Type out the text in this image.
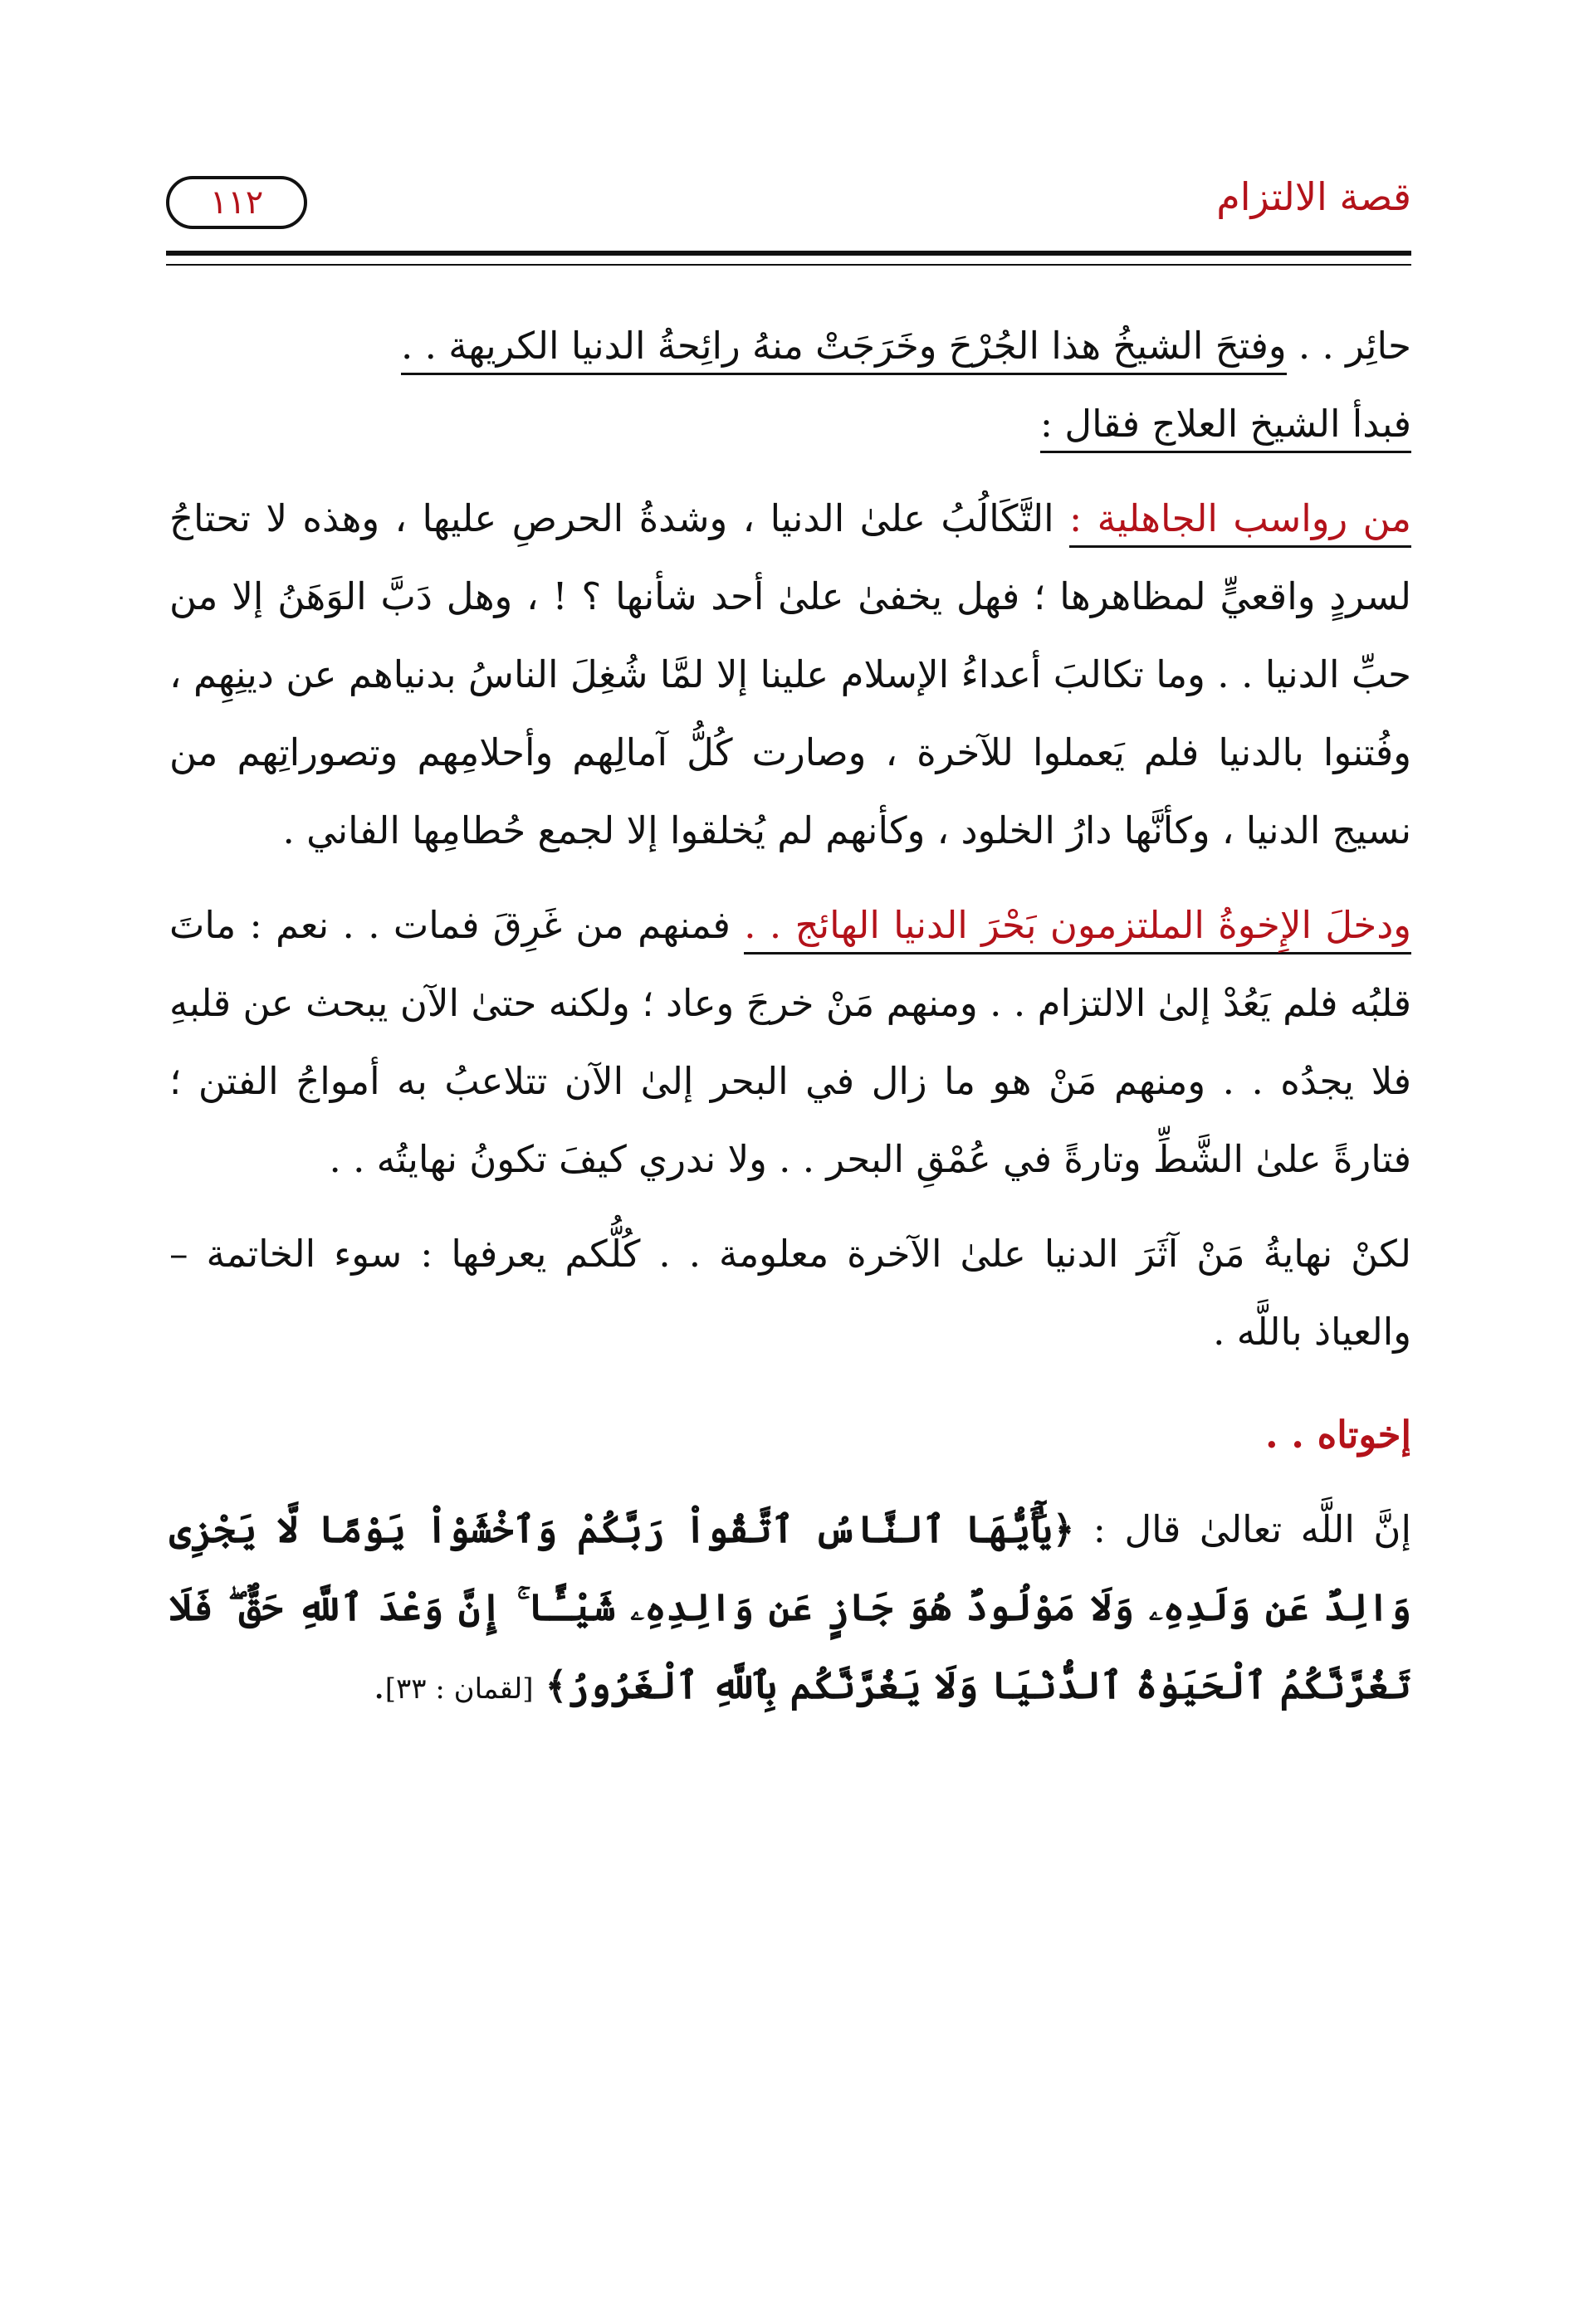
قصة الالتزام
١١٢

حائِر . . وفتحَ الشيخُ هذا الجُرْحَ وخَرَجَتْ منهُ رائِحةُ الدنيا الكريهة . .

فبدأ الشيخ العلاج فقال :

من رواسب الجاهلية : التَّكَالُبُ علىٰ الدنيا ، وشدةُ الحرصِ عليها ، وهذه لا تحتاجُ لسردٍ واقعيٍّ لمظاهرها ؛ فهل يخفىٰ علىٰ أحد شأنها ؟ ! ، وهل دَبَّ الوَهَنُ إلا من حبِّ الدنيا . . وما تكالبَ أعداءُ الإسلام علينا إلا لمَّا شُغِلَ الناسُ بدنياهم عن دينِهِم ، وفُتنوا بالدنيا فلم يَعملوا للآخرة ، وصارت كُلُّ آمالِهم وأحلامِهم وتصوراتِهم من نسيج الدنيا ، وكأنَّها دارُ الخلود ، وكأنهم لم يُخلقوا إلا لجمع حُطامِها الفاني .

ودخلَ الإِخوةُ الملتزمون بَحْرَ الدنيا الهائج . . فمنهم من غَرِقَ فمات . . نعم : ماتَ قلبُه فلم يَعُدْ إلىٰ الالتزام . . ومنهم مَنْ خرجَ وعاد ؛ ولكنه حتىٰ الآن يبحث عن قلبهِ فلا يجدُه . . ومنهم مَنْ هو ما زال في البحر إلىٰ الآن تتلاعبُ به أمواجُ الفتن ؛ فتارةً علىٰ الشَّطِّ وتارةً في عُمْقِ البحر . . ولا ندري كيفَ تكونُ نهايتُه . .

لكنْ نهايةُ مَنْ آثَرَ الدنيا علىٰ الآخرة معلومة . . كُلُّكم يعرفها : سوء الخاتمة – والعياذ باللَّه .

إخوتاه . .

إنَّ اللَّه تعالىٰ قال : ﴿يَٰٓأَيُّهَا ٱلنَّاسُ ٱتَّقُواْ رَبَّكُمْ وَٱخْشَوْاْ يَوْمًا لَّا يَجْزِى وَالِدٌ عَن وَلَدِهِۦ وَلَا مَوْلُودٌ هُوَ جَازٍ عَن وَالِدِهِۦ شَيْـًٔا ۚ إِنَّ وَعْدَ ٱللَّهِ حَقٌّ ۖ فَلَا تَغُرَّنَّكُمُ ٱلْحَيَوٰةُ ٱلدُّنْيَا وَلَا يَغُرَّنَّكُم بِٱللَّهِ ٱلْغَرُورُ﴾ [لقمان : ٣٣].
